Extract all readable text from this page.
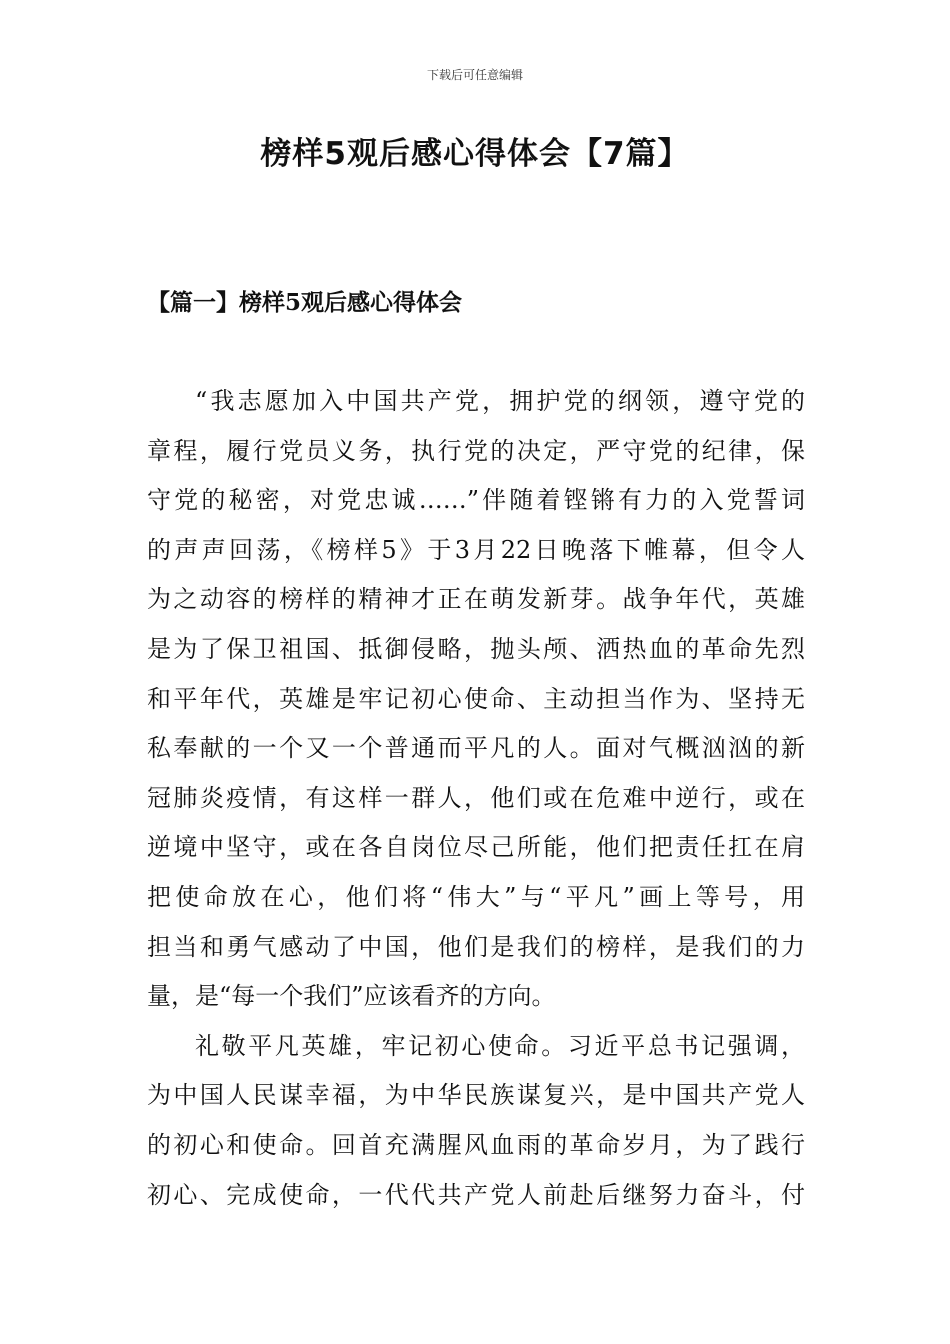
下载后可任意编辑
榜样5观后感心得体会【7篇】
【篇一】榜样5观后感心得体会
“我志愿加入中国共产党，拥护党的纲领，遵守党的
章程，履行党员义务，执行党的决定，严守党的纪律，保
守党的秘密，对党忠诚……”伴随着铿锵有力的入党誓词
的声声回荡，《榜样5》于3月22日晚落下帷幕，但令人
为之动容的榜样的精神才正在萌发新芽。战争年代，英雄
是为了保卫祖国、抵御侵略，抛头颅、洒热血的革命先烈
和平年代，英雄是牢记初心使命、主动担当作为、坚持无
私奉献的一个又一个普通而平凡的人。面对气概汹汹的新
冠肺炎疫情，有这样一群人，他们或在危难中逆行，或在
逆境中坚守，或在各自岗位尽己所能，他们把责任扛在肩
把使命放在心，他们将“伟大”与“平凡”画上等号，用
担当和勇气感动了中国，他们是我们的榜样，是我们的力
量，是“每一个我们”应该看齐的方向。
礼敬平凡英雄，牢记初心使命。习近平总书记强调，
为中国人民谋幸福，为中华民族谋复兴，是中国共产党人
的初心和使命。回首充满腥风血雨的革命岁月，为了践行
初心、完成使命，一代代共产党人前赴后继努力奋斗，付
